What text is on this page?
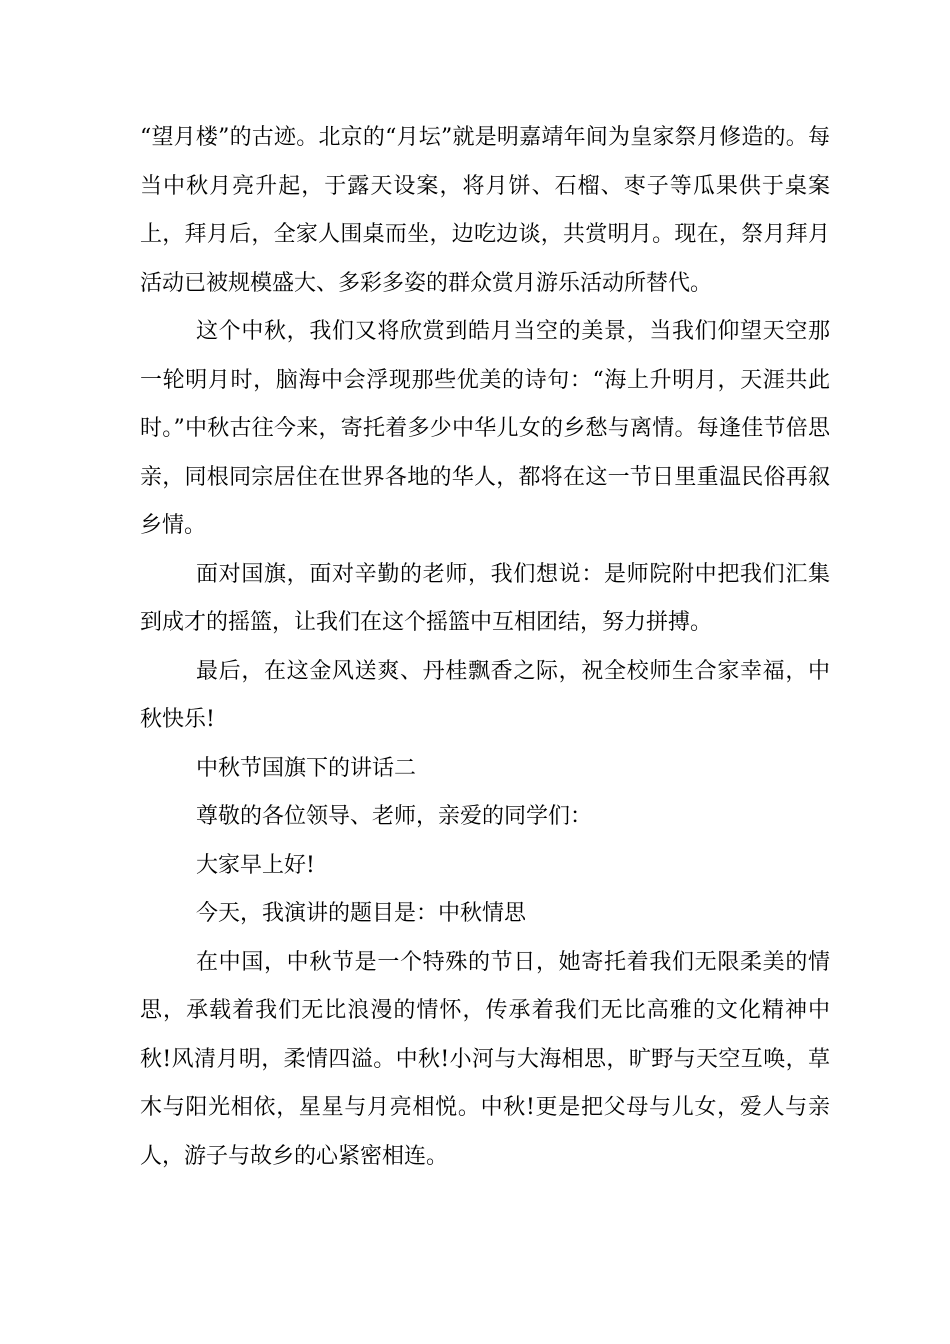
“望月楼”的古迹。北京的“月坛”就是明嘉靖年间为皇家祭月修造的。每当中秋月亮升起，于露天设案，将月饼、石榴、枣子等瓜果供于桌案上，拜月后，全家人围桌而坐，边吃边谈，共赏明月。现在，祭月拜月活动已被规模盛大、多彩多姿的群众赏月游乐活动所替代。

这个中秋，我们又将欣赏到皓月当空的美景，当我们仰望天空那一轮明月时，脑海中会浮现那些优美的诗句：“海上升明月，天涯共此时。”中秋古往今来，寄托着多少中华儿女的乡愁与离情。每逢佳节倍思亲，同根同宗居住在世界各地的华人，都将在这一节日里重温民俗再叙乡情。

面对国旗，面对辛勤的老师，我们想说：是师院附中把我们汇集到成才的摇篮，让我们在这个摇篮中互相团结，努力拼搏。

最后，在这金风送爽、丹桂飘香之际，祝全校师生合家幸福，中秋快乐!

中秋节国旗下的讲话二

尊敬的各位领导、老师，亲爱的同学们：

大家早上好!

今天，我演讲的题目是：中秋情思

在中国，中秋节是一个特殊的节日，她寄托着我们无限柔美的情思，承载着我们无比浪漫的情怀，传承着我们无比高雅的文化精神中秋!风清月明，柔情四溢。中秋!小河与大海相思，旷野与天空互唤，草木与阳光相依，星星与月亮相悦。中秋!更是把父母与儿女，爱人与亲人，游子与故乡的心紧密相连。
